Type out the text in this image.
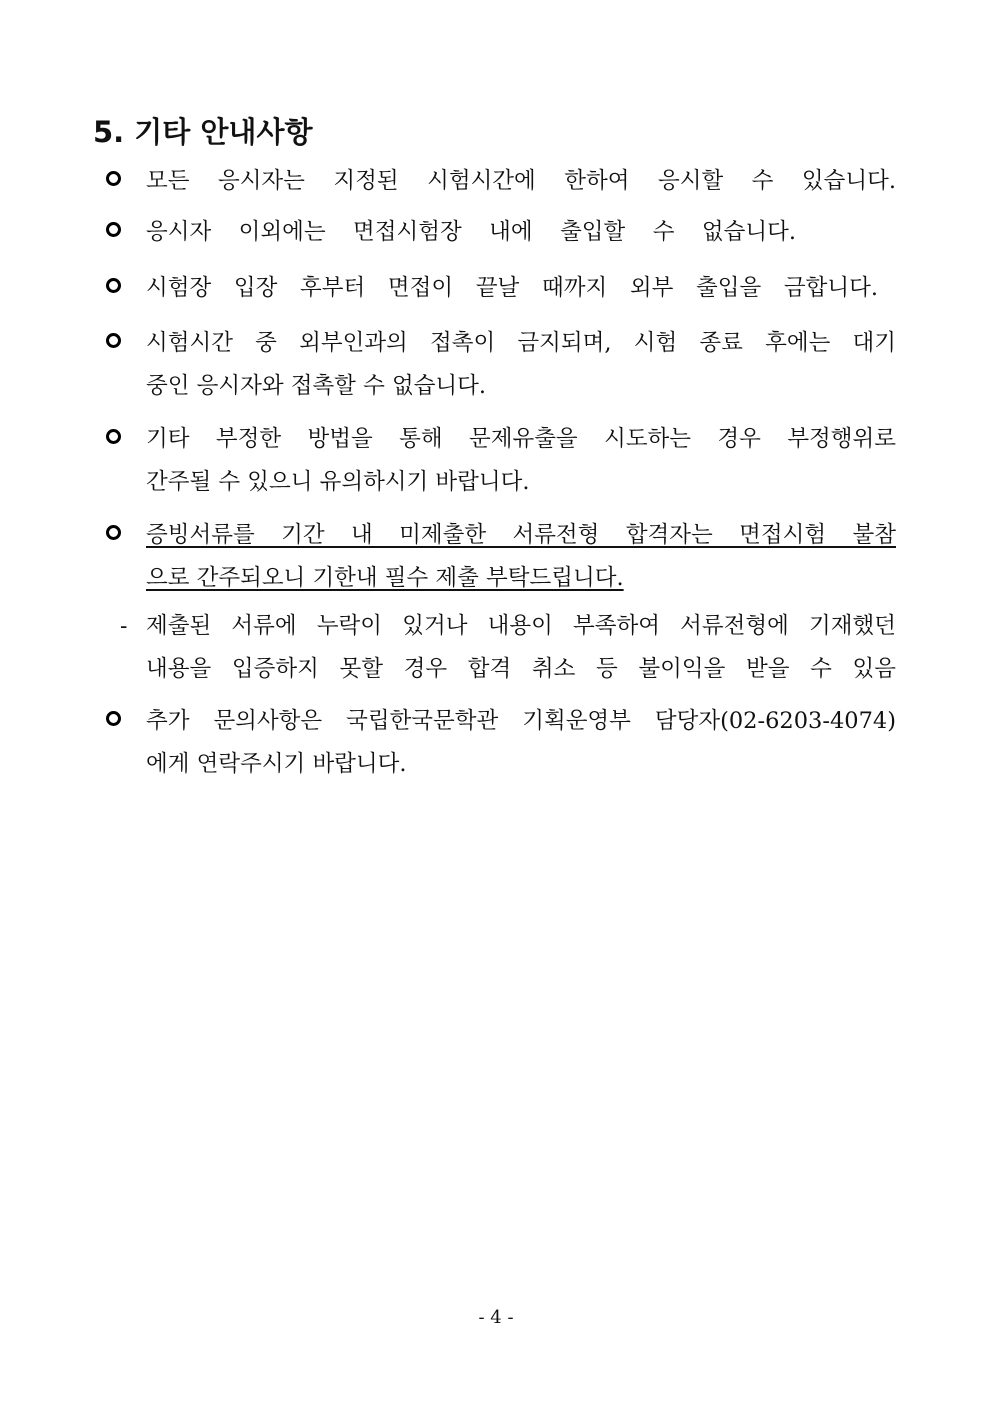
5. 기타 안내사항
모든 응시자는 지정된 시험시간에 한하여 응시할 수 있습니다.
응시자 이외에는 면접시험장 내에 출입할 수 없습니다.
시험장 입장 후부터 면접이 끝날 때까지 외부 출입을 금합니다.
시험시간 중 외부인과의 접촉이 금지되며, 시험 종료 후에는 대기
중인 응시자와 접촉할 수 없습니다.
기타 부정한 방법을 통해 문제유출을 시도하는 경우 부정행위로
간주될 수 있으니 유의하시기 바랍니다.
증빙서류를 기간 내 미제출한 서류전형 합격자는 면접시험 불참
으로 간주되오니 기한내 필수 제출 부탁드립니다.
- 제출된 서류에 누락이 있거나 내용이 부족하여 서류전형에 기재했던
내용을 입증하지 못할 경우 합격 취소 등 불이익을 받을 수 있음
추가 문의사항은 국립한국문학관 기획운영부 담당자(02-6203-4074)
에게 연락주시기 바랍니다.
- 4 -
